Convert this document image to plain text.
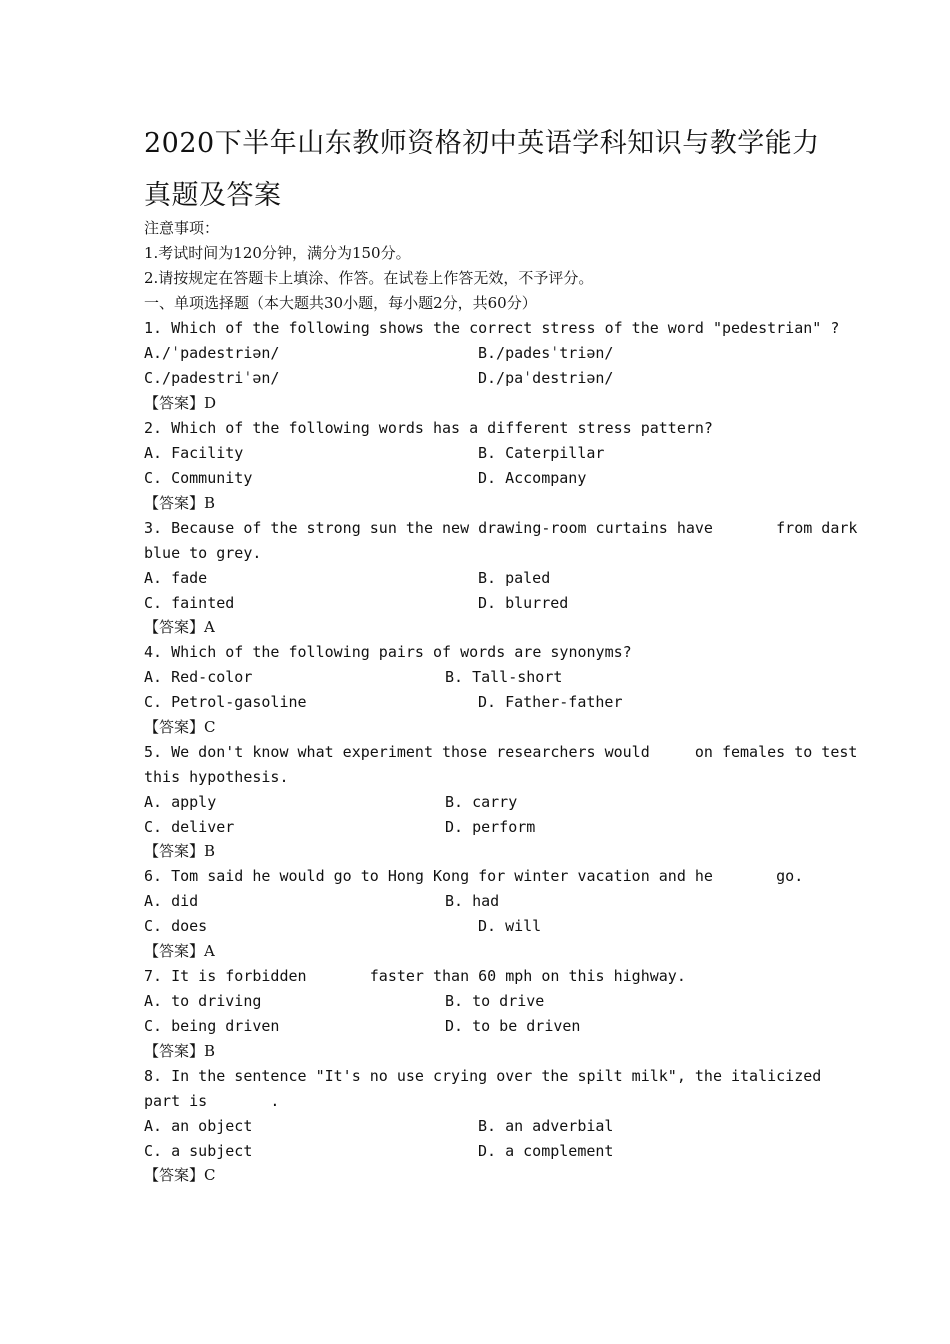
2020下半年山东教师资格初中英语学科知识与教学能力真题及答案
注意事项：
1.考试时间为120分钟，满分为150分。
2.请按规定在答题卡上填涂、作答。在试卷上作答无效，不予评分。
一、单项选择题（本大题共30小题，每小题2分，共60分）
1. Which of the following shows the correct stress of the word "pedestrian" ?
A./ˈpadestriən/	B./padesˈtriən/
C./padestriˈən/	D./paˈdestriən/
【答案】D
2. Which of the following words has a different stress pattern?
A. Facility	B. Caterpillar
C. Community	D. Accompany
【答案】B
3. Because of the strong sun the new drawing-room curtains have       from dark
blue to grey.
A. fade	B. paled
C. fainted	D. blurred
【答案】A
4. Which of the following pairs of words are synonyms?
A. Red-color	B. Tall-short
C. Petrol-gasoline	D. Father-father
【答案】C
5. We don't know what experiment those researchers would     on females to test
this hypothesis.
A. apply	B. carry
C. deliver	D. perform
【答案】B
6. Tom said he would go to Hong Kong for winter vacation and he       go.
A. did	B. had
C. does	D. will
【答案】A
7. It is forbidden       faster than 60 mph on this highway.
A. to driving	B. to drive
C. being driven	D. to be driven
【答案】B
8. In the sentence "It's no use crying over the spilt milk", the italicized
part is       .
A. an object	B. an adverbial
C. a subject	D. a complement
【答案】C
